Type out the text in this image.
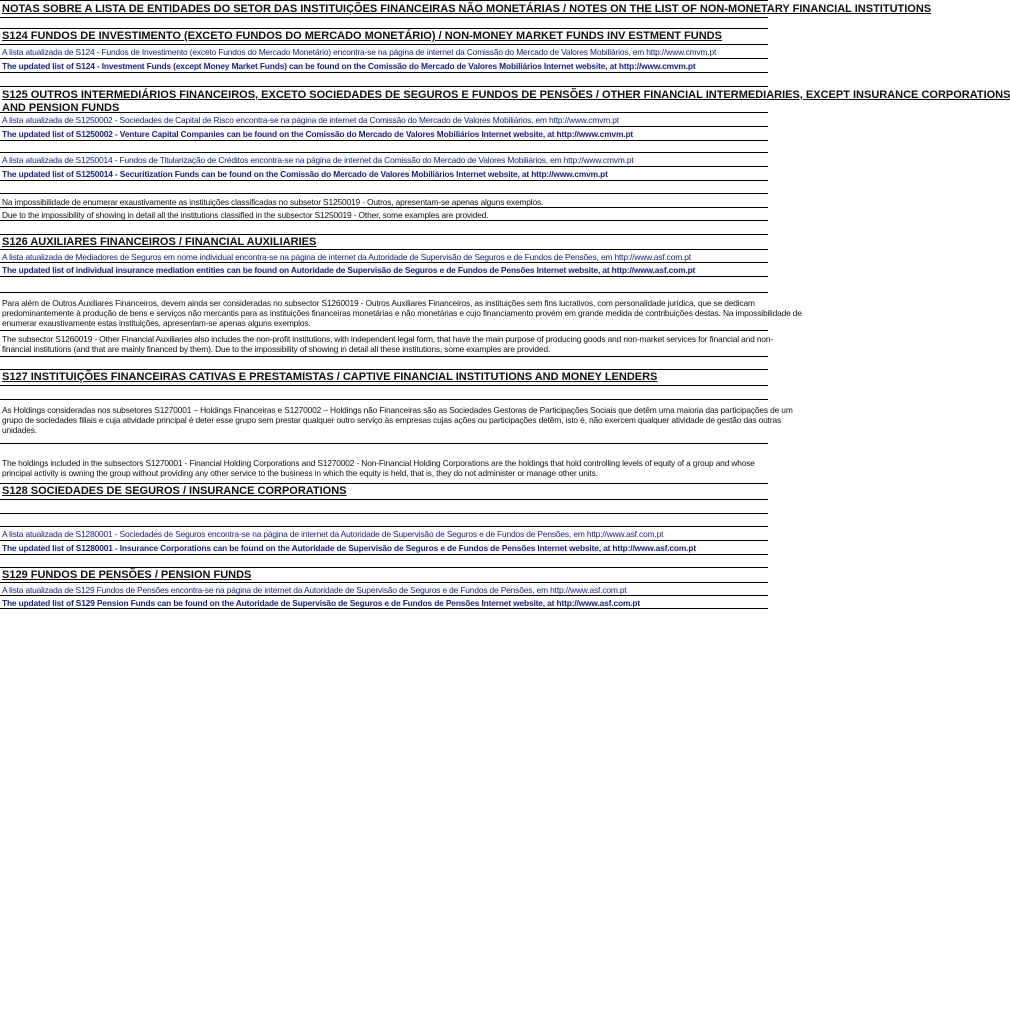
NOTAS SOBRE A LISTA DE ENTIDADES DO SETOR DAS INSTITUIÇÕES FINANCEIRAS NÃO MONETÁRIAS / NOTES ON THE LIST OF NON-MONETARY FINANCIAL INSTITUTIONS
S124 FUNDOS DE INVESTIMENTO (EXCETO FUNDOS DO MERCADO MONETÁRIO) / NON-MONEY MARKET FUNDS INV ESTMENT FUNDS
A lista atualizada de S124 - Fundos de Investimento (exceto Fundos do Mercado Monetário) encontra-se na página de internet da Comissão do Mercado de Valores Mobiliários, em http://www.cmvm.pt
The updated list of S124 - Investment Funds (except Money Market Funds) can be found on the Comissão do Mercado de Valores Mobiliários Internet website, at http://www.cmvm.pt
S125 OUTROS INTERMEDIÁRIOS FINANCEIROS, EXCETO SOCIEDADES DE SEGUROS E FUNDOS DE PENSÕES / OTHER FINANCIAL INTERMEDIARIES, EXCEPT INSURANCE CORPORATIONS
AND PENSION FUNDS
A lista atualizada de S1250002 - Sociedades de Capital de Risco encontra-se na página de internet da Comissão do Mercado de Valores Mobiliários, em http://www.cmvm.pt
The updated list of S1250002 - Venture Capital Companies can be found on the Comissão do Mercado de Valores Mobiliários Internet website, at http://www.cmvm.pt
A lista atualizada de S1250014 - Fundos de Titularização de Créditos encontra-se na página de internet da Comissão do Mercado de Valores Mobiliários, em http://www.cmvm.pt
The updated list of S1250014 - Securitization Funds can be found on the Comissão do Mercado de Valores Mobiliários Internet website, at http://www.cmvm.pt
Na impossibilidade de enumerar exaustivamente as instituições classificadas no subsetor S1250019 - Outros, apresentam-se apenas alguns exemplos.
Due to the impossibility of showing in detail all the institutions classified in the subsector S1250019 - Other, some examples are provided.
S126 AUXILIARES FINANCEIROS / FINANCIAL AUXILIARIES
A lista atualizada de Mediadores de Seguros em nome individual encontra-se na página de internet da Autoridade de Supervisão de Seguros e de Fundos de Pensões, em http://www.asf.com.pt
The updated list of individual insurance mediation entities can be found on Autoridade de Supervisão de Seguros e de Fundos de Pensões Internet website, at http://www.asf.com.pt
Para além de Outros Auxiliares Financeiros, devem ainda ser consideradas no subsector S1260019 - Outros Auxiliares Financeiros, as instituições sem fins lucrativos, com personalidade jurídica, que se dedicam
predominantemente à produção de bens e serviços não mercantis para as instituições financeiras monetárias e não monetárias e cujo financiamento provém em grande medida de contribuições destas. Na impossibilidade de
enumerar exaustivamente estas instituições, apresentam-se apenas alguns exemplos.
The subsector S1260019 - Other Financial Auxiliaries also includes the non-profit institutions, with independent legal form, that have the main purpose of producing goods and non-market services for financial and non-
financial institutions (and that are mainly financed by them). Due to the impossibility of showing in detail all these institutions, some examples are provided.
S127 INSTITUIÇÕES FINANCEIRAS CATIVAS E PRESTAMISTAS / CAPTIVE FINANCIAL INSTITUTIONS AND MONEY LENDERS
As Holdings consideradas nos subsetores S1270001 – Holdings Financeiras e S1270002 – Holdings não Financeiras são as Sociedades Gestoras de Participações Sociais que detêm uma maioria das participações de um
grupo de sociedades filiais e cuja atividade principal é deter esse grupo sem prestar qualquer outro serviço às empresas cujas ações ou participações detêm, isto é, não exercem qualquer atividade de gestão das outras
unidades.
The holdings included in the subsectors S1270001 - Financial Holding Corporations and S1270002 - Non-Financial Holding Corporations are the holdings that hold controlling levels of equity of a group and whose
principal activity is owning the group without providing any other service to the business in which the equity is held, that is, they do not administer or manage other units.
S128 SOCIEDADES DE SEGUROS / INSURANCE CORPORATIONS
A lista atualizada de S1280001 - Sociedades de Seguros encontra-se na página de internet da Autoridade de Supervisão de Seguros e de Fundos de Pensões, em http://www.asf.com.pt
The updated list of S1280001 - Insurance Corporations can be found on the Autoridade de Supervisão de Seguros e de Fundos de Pensões Internet website, at http://www.asf.com.pt
S129 FUNDOS DE PENSÕES / PENSION FUNDS
A lista atualizada de S129 Fundos de Pensões encontra-se na página de internet da Autoridade de Supervisão de Seguros e de Fundos de Pensões, em http://www.asf.com.pt
The updated list of S129 Pension Funds can be found on the Autoridade de Supervisão de Seguros e de Fundos de Pensões Internet website, at http://www.asf.com.pt
